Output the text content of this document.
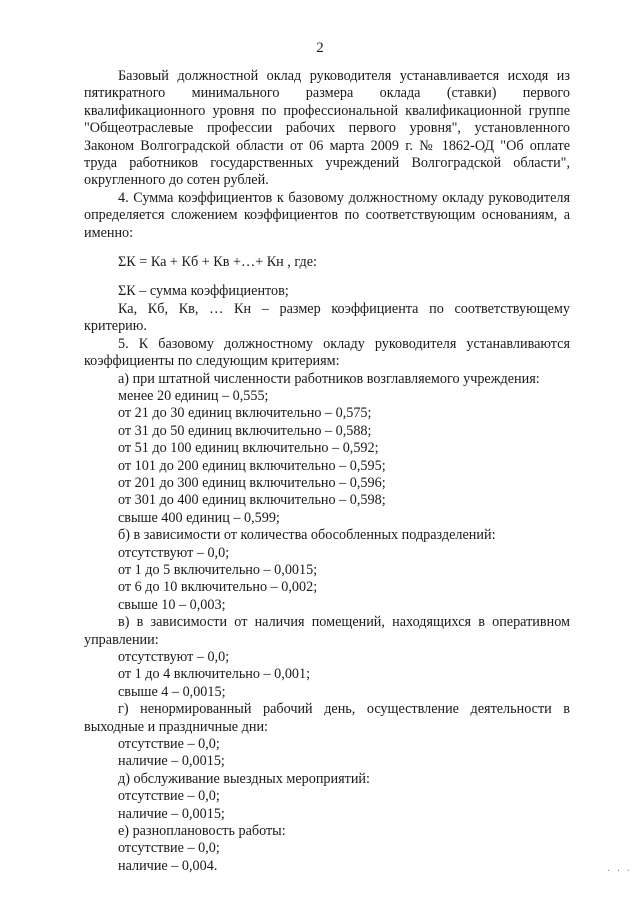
2

Базовый должностной оклад руководителя устанавливается исходя из пятикратного минимального размера оклада (ставки) первого квалификационного уровня по профессиональной квалификационной группе "Общеотраслевые профессии рабочих первого уровня", установленного Законом Волгоградской области от 06 марта 2009 г. № 1862-ОД "Об оплате труда работников государственных учреждений Волгоградской области", округленного до сотен рублей.

4. Сумма коэффициентов к базовому должностному окладу руководителя определяется сложением коэффициентов по соответствующим основаниям, а именно:

ΣК = Ка + Кб + Кв +…+ Кн , где:

ΣК – сумма коэффициентов;

Ка, Кб, Кв, … Кн – размер коэффициента по соответствующему критерию.

5. К базовому должностному окладу руководителя устанавливаются коэффициенты по следующим критериям:

а) при штатной численности работников возглавляемого учреждения:

менее 20 единиц – 0,555;

от 21 до 30 единиц включительно – 0,575;

от 31 до 50 единиц включительно – 0,588;

от 51 до 100 единиц включительно – 0,592;

от 101 до 200 единиц включительно – 0,595;

от 201 до 300 единиц включительно – 0,596;

от 301 до 400 единиц включительно – 0,598;

свыше 400 единиц – 0,599;

б) в зависимости от количества обособленных подразделений:

отсутствуют – 0,0;

от 1 до 5 включительно – 0,0015;

от 6 до 10 включительно – 0,002;

свыше 10 – 0,003;

в) в зависимости от наличия помещений, находящихся в оперативном управлении:

отсутствуют – 0,0;

от 1 до 4 включительно – 0,001;

свыше 4 – 0,0015;

г) ненормированный рабочий день, осуществление деятельности в выходные и праздничные дни:

отсутствие – 0,0;

наличие – 0,0015;

д) обслуживание выездных мероприятий:

отсутствие – 0,0;

наличие – 0,0015;

е) разноплановость работы:

отсутствие – 0,0;

наличие – 0,004.	· · ·
